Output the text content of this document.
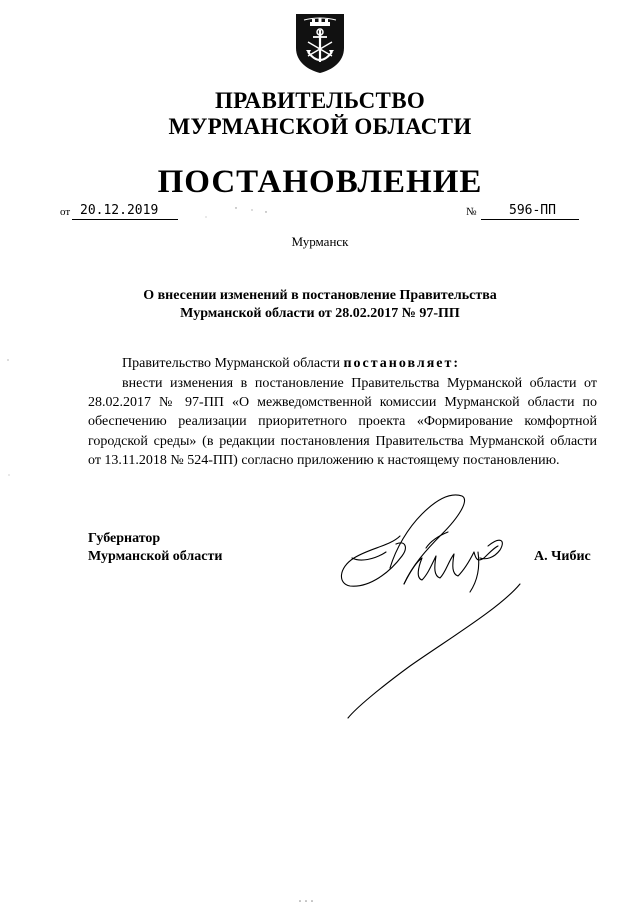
ПРАВИТЕЛЬСТВО
МУРМАНСКОЙ ОБЛАСТИ
ПОСТАНОВЛЕНИЕ
от 20.12.2019	№	596-ПП
Мурманск
О внесении изменений в постановление Правительства
Мурманской области от 28.02.2017 № 97-ПП
Правительство Мурманской области постановляет:
внести изменения в постановление Правительства Мурманской области от 28.02.2017 № 97-ПП «О межведомственной комиссии Мурманской области по обеспечению реализации приоритетного проекта «Формирование комфортной городской среды» (в редакции постановления Правительства Мурманской области от 13.11.2018 № 524-ПП) согласно приложению к настоящему постановлению.
Губернатор
Мурманской области	А. Чибис
